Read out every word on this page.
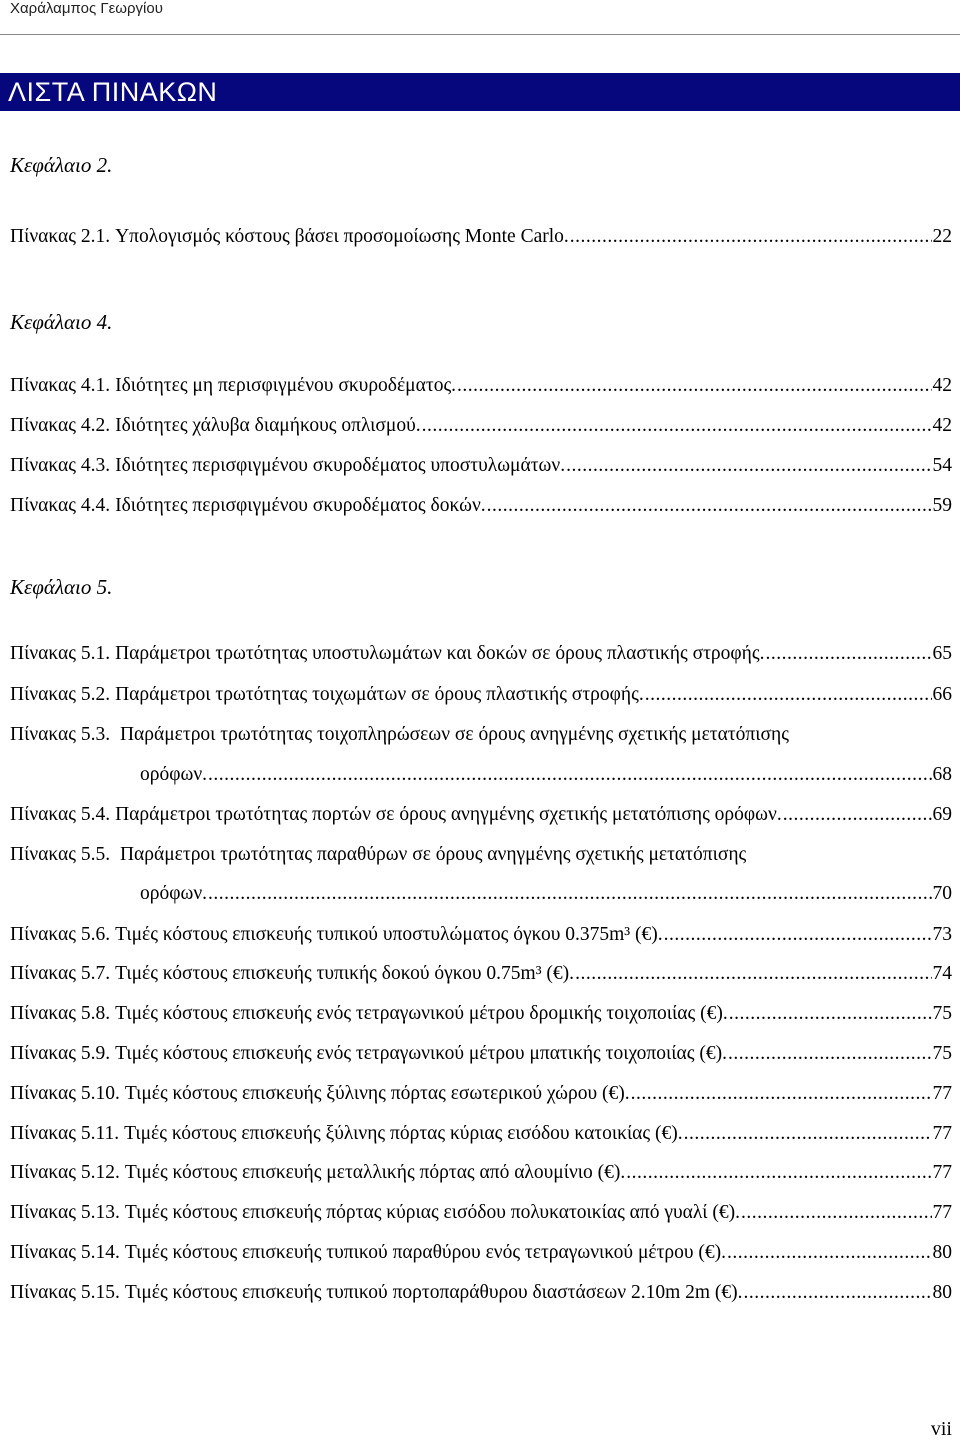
Χαράλαμπος Γεωργίου
ΛΙΣΤΑ ΠΙΝΑΚΩΝ
Κεφάλαιο 2.
Πίνακας 2.1. Υπολογισμός κόστους βάσει προσομοίωσης Monte Carlo. .....	22
Κεφάλαιο 4.
Πίνακας 4.1. Ιδιότητες μη περισφιγμένου σκυροδέματος. .....	42
Πίνακας 4.2. Ιδιότητες χάλυβα διαμήκους οπλισμού. .....	42
Πίνακας 4.3. Ιδιότητες περισφιγμένου σκυροδέματος υποστυλωμάτων. .....	54
Πίνακας 4.4. Ιδιότητες περισφιγμένου σκυροδέματος δοκών. .....	59
Κεφάλαιο 5.
Πίνακας 5.1. Παράμετροι τρωτότητας υποστυλωμάτων και δοκών σε όρους πλαστικής στροφής. .....	65
Πίνακας 5.2. Παράμετροι τρωτότητας τοιχωμάτων σε όρους πλαστικής στροφής. .....	66
Πίνακας 5.3. Παράμετροι τρωτότητας τοιχοπληρώσεων σε όρους ανηγμένης σχετικής μετατόπισης
ορόφων. .....	68
Πίνακας 5.4. Παράμετροι τρωτότητας πορτών σε όρους ανηγμένης σχετικής μετατόπισης ορόφων. .....	69
Πίνακας 5.5. Παράμετροι τρωτότητας παραθύρων σε όρους ανηγμένης σχετικής μετατόπισης
ορόφων. .....	70
Πίνακας 5.6. Τιμές κόστους επισκευής τυπικού υποστυλώματος όγκου 0.375m³ (€). .....	73
Πίνακας 5.7. Τιμές κόστους επισκευής τυπικής δοκού όγκου 0.75m³ (€). .....	74
Πίνακας 5.8. Τιμές κόστους επισκευής ενός τετραγωνικού μέτρου δρομικής τοιχοποιίας (€). .....	75
Πίνακας 5.9. Τιμές κόστους επισκευής ενός τετραγωνικού μέτρου μπατικής τοιχοποιίας (€). .....	75
Πίνακας 5.10. Τιμές κόστους επισκευής ξύλινης πόρτας εσωτερικού χώρου (€). .....	77
Πίνακας 5.11. Τιμές κόστους επισκευής ξύλινης πόρτας κύριας εισόδου κατοικίας (€). .....	77
Πίνακας 5.12. Τιμές κόστους επισκευής μεταλλικής πόρτας από αλουμίνιο (€). .....	77
Πίνακας 5.13. Τιμές κόστους επισκευής πόρτας κύριας εισόδου πολυκατοικίας από γυαλί (€). .....	77
Πίνακας 5.14. Τιμές κόστους επισκευής τυπικού παραθύρου ενός τετραγωνικού μέτρου (€). .....	80
Πίνακας 5.15. Τιμές κόστους επισκευής τυπικού πορτοπαράθυρου διαστάσεων 2.10m 2m (€). .....	80
vii
